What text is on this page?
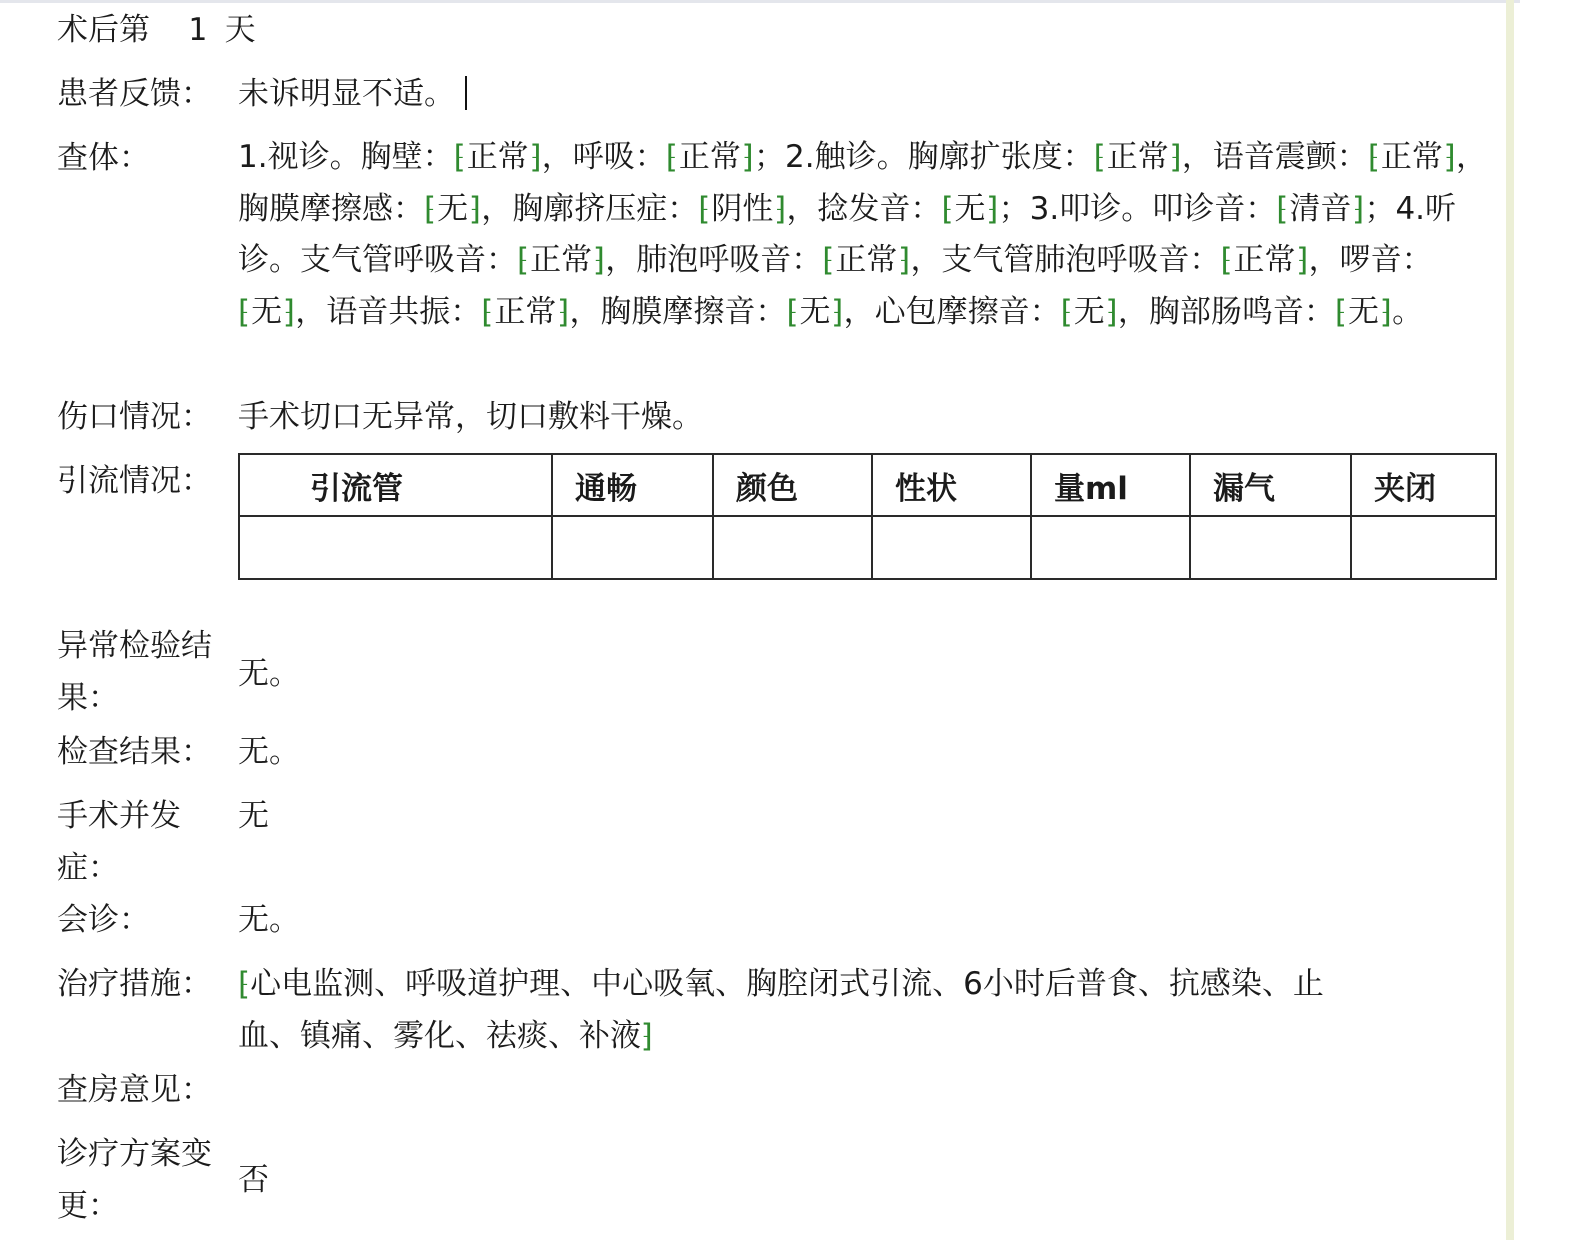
术后第 1 天
患者反馈： 未诉明显不适。
查体：	1.视诊。胸壁： ⁅ 正常 ⁆ ，呼吸： ⁅ 正常 ⁆ ；2.触诊。胸廓扩张度： ⁅ 正常 ⁆ ，语音震颤： ⁅ 正常 ⁆ ，胸膜摩擦感： ⁅ 无 ⁆ ，胸廓挤压症： ⁅ 阴性 ⁆ ，捻发音： ⁅ 无 ⁆ ；3.叩诊。叩诊音： ⁅ 清音 ⁆ ；4.听诊。支气管呼吸音： ⁅ 正常 ⁆ ，肺泡呼吸音： ⁅ 正常 ⁆ ，支气管肺泡呼吸音： ⁅ 正常 ⁆ ，啰音：⁅ 无 ⁆ ，语音共振： ⁅ 正常 ⁆ ，胸膜摩擦音： ⁅ 无 ⁆ ，心包摩擦音： ⁅ 无 ⁆ ，胸部肠鸣音： ⁅ 无 ⁆ 。
伤口情况： 手术切口无异常，切口敷料干燥。
引流情况：	引流管	通畅	颜色	性状	量ml	漏气	夹闭

异常检验结
果：
无。
检查结果： 无。
手术并发
症：
无
会诊：	无。
治疗措施： ⁅心电监测、呼吸道护理、中心吸氧、胸腔闭式引流、6小时后普食、抗感染、止
血、镇痛、雾化、祛痰、补液⁆
查房意见：
诊疗方案变
更：
否
